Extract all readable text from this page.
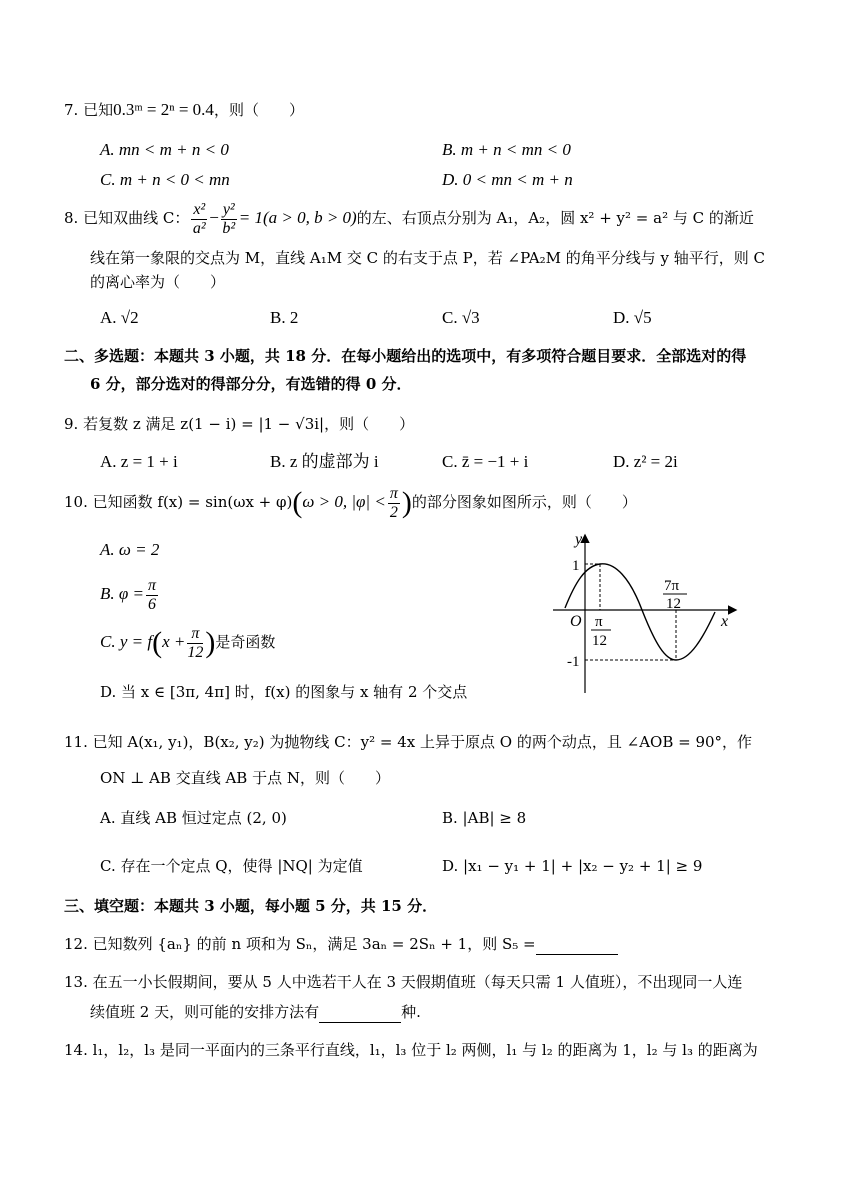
7. 已知0.3ᵐ = 2ⁿ = 0.4，则（　　）
A. mn < m + n < 0	B. m + n < mn < 0
C. m + n < 0 < mn	D. 0 < mn < m + n
8. 已知双曲线 C： $\frac{\text{x²}}{\text{a²}} - \frac{\text{y²}}{\text{b²}} = 1(a > 0$, b > 0)的左、右顶点分别为 A₁，A₂，圆 x² + y² = a² 与 C 的渐近
线在第一象限的交点为 M，直线 A₁M 交 C 的右支于点 P，若 ∠PA₂M 的角平分线与 y 轴平行，则 C
的离心率为（　　）
A. √2	B. 2	C. √3	D. √5
二、多选题：本题共 3 小题，共 18 分．在每小题给出的选项中，有多项符合题目要求．全部选对的得
6 分，部分选对的得部分分，有选错的得 0 分．
9. 若复数 z 满足 z(1 − i) = |1 − √3i|，则（　　）
A. z = 1 + i	B. z 的虚部为 i	C. z̄ = −1 + i	D. z² = 2i
10. 已知函数 f(x) = sin(ωx + φ)(ω > 0, $|\varphi| < \frac{\pi}{2}$ )的部分图象如图所示，则（　　）
A. ω = 2
B. $\varphi = \frac{\pi}{6}$
C. $y = f(x + \frac{\pi}{12}$ )是奇函数
D. 当 x ∈ [3π, 4π] 时，f(x) 的图象与 x 轴有 2 个交点
y
x
O
1
-1
π
12
7π
12
11. 已知 A(x₁, y₁)，B(x₂, y₂) 为抛物线 C：y² = 4x 上异于原点 O 的两个动点，且 ∠AOB = 90°，作
ON ⊥ AB 交直线 AB 于点 N，则（　　）
A. 直线 AB 恒过定点 (2, 0)	B. |AB| ≥ 8
C. 存在一个定点 Q，使得 |NQ| 为定值	D. |x₁ − y₁ + 1| + |x₂ − y₂ + 1| ≥ 9
三、填空题：本题共 3 小题，每小题 5 分，共 15 分．
12. 已知数列 {aₙ} 的前 n 项和为 Sₙ，满足 3aₙ = 2Sₙ + 1，则 S₅ =
13. 在五一小长假期间，要从 5 人中选若干人在 3 天假期值班（每天只需 1 人值班），不出现同一人连
续值班 2 天，则可能的安排方法有	种.
14. l₁，l₂，l₃ 是同一平面内的三条平行直线，l₁，l₃ 位于 l₂ 两侧，l₁ 与 l₂ 的距离为 1，l₂ 与 l₃ 的距离为
